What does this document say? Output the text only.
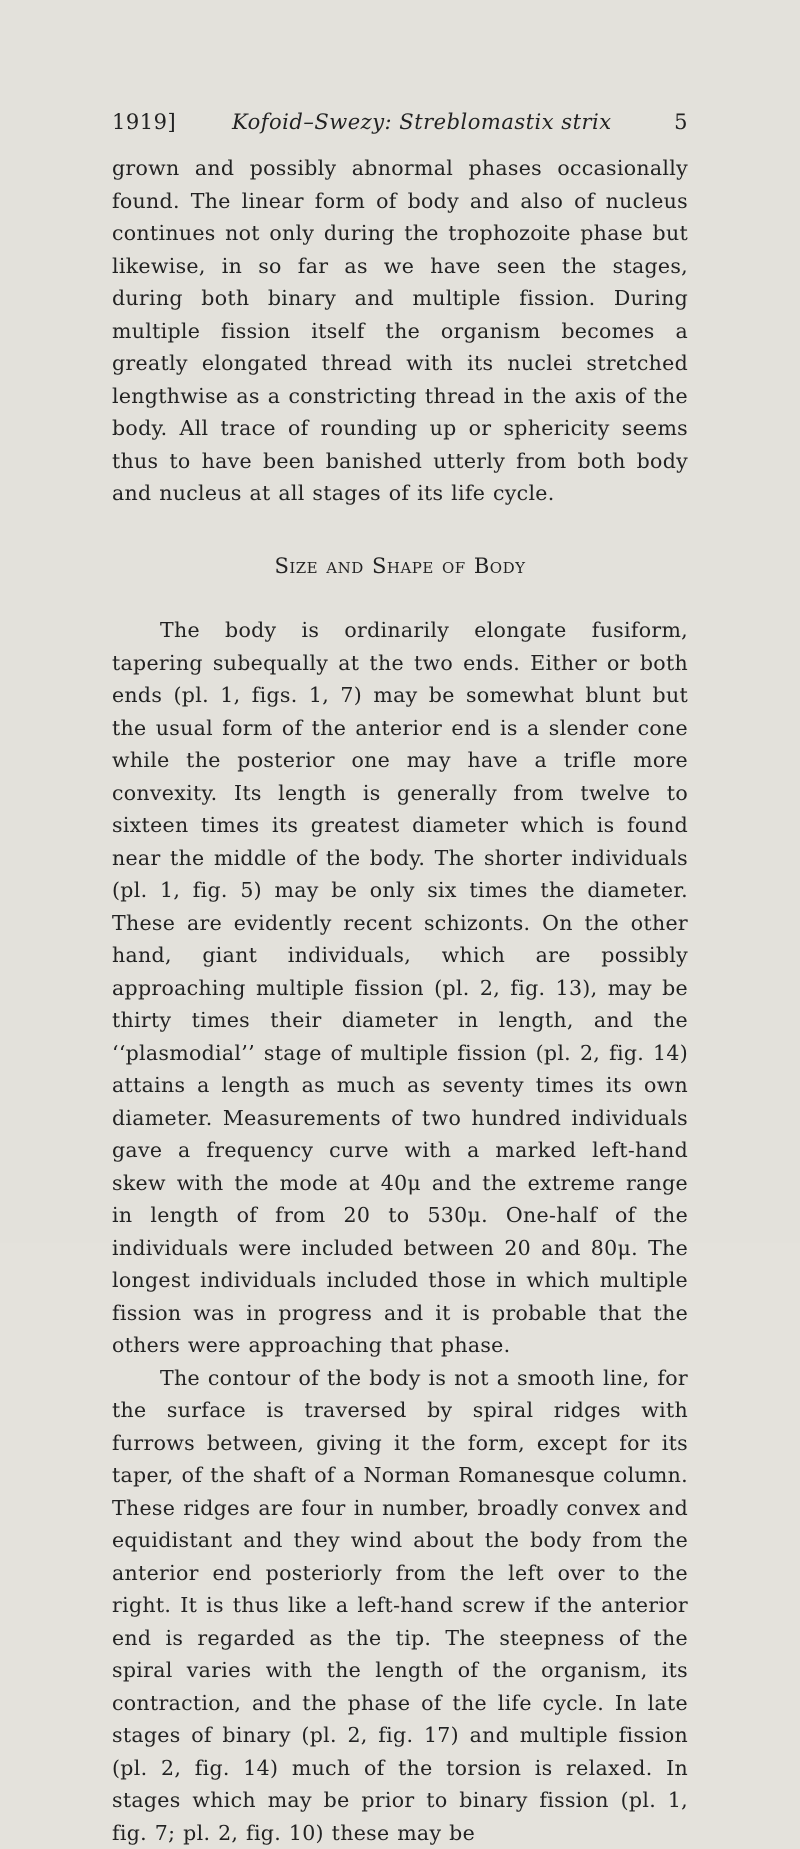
1919]	Kofoid–Swezy: Streblomastix strix	5

grown and possibly abnormal phases occasionally found. The linear form of body and also of nucleus continues not only during the trophozoite phase but likewise, in so far as we have seen the stages, during both binary and multiple fission. During multiple fission itself the organism becomes a greatly elongated thread with its nuclei stretched lengthwise as a constricting thread in the axis of the body. All trace of rounding up or sphericity seems thus to have been banished utterly from both body and nucleus at all stages of its life cycle.

Size and Shape of Body

The body is ordinarily elongate fusiform, tapering subequally at the two ends. Either or both ends (pl. 1, figs. 1, 7) may be somewhat blunt but the usual form of the anterior end is a slender cone while the posterior one may have a trifle more convexity. Its length is generally from twelve to sixteen times its greatest diameter which is found near the middle of the body. The shorter individuals (pl. 1, fig. 5) may be only six times the diameter. These are evidently recent schizonts. On the other hand, giant individuals, which are possibly approaching multiple fission (pl. 2, fig. 13), may be thirty times their diameter in length, and the ‘‘plasmodial’’ stage of multiple fission (pl. 2, fig. 14) attains a length as much as seventy times its own diameter. Measurements of two hundred individuals gave a frequency curve with a marked left-hand skew with the mode at 40μ and the extreme range in length of from 20 to 530μ. One-half of the individuals were included between 20 and 80μ. The longest individuals included those in which multiple fission was in progress and it is probable that the others were approaching that phase.

The contour of the body is not a smooth line, for the surface is traversed by spiral ridges with furrows between, giving it the form, except for its taper, of the shaft of a Norman Romanesque column. These ridges are four in number, broadly convex and equidistant and they wind about the body from the anterior end posteriorly from the left over to the right. It is thus like a left-hand screw if the anterior end is regarded as the tip. The steepness of the spiral varies with the length of the organism, its contraction, and the phase of the life cycle. In late stages of binary (pl. 2, fig. 17) and multiple fission (pl. 2, fig. 14) much of the torsion is relaxed. In stages which may be prior to binary fission (pl. 1, fig. 7; pl. 2, fig. 10) these may be
